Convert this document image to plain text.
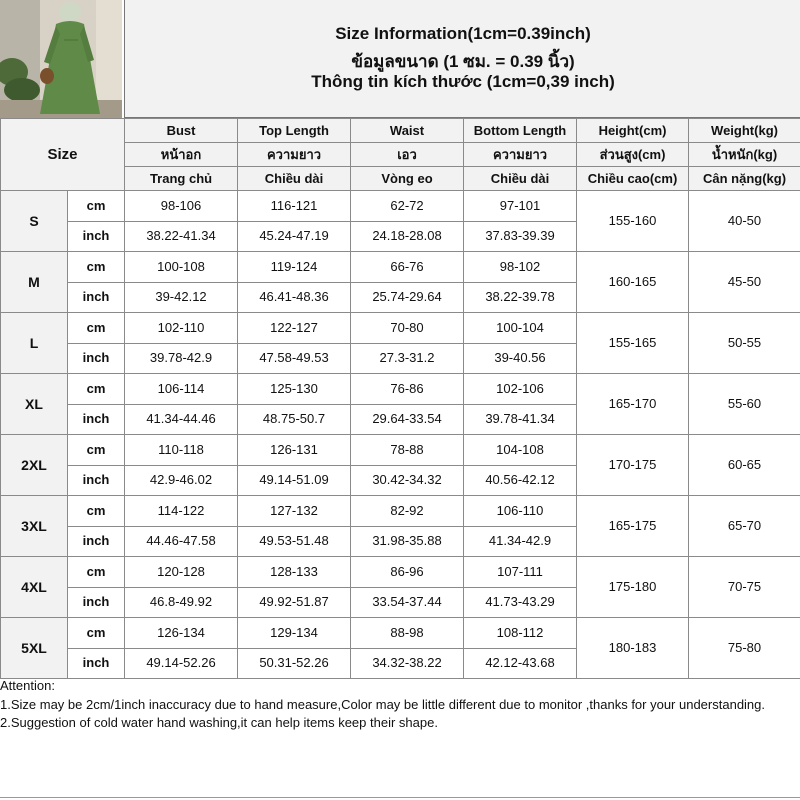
Size Information(1cm=0.39inch)
ข้อมูลขนาด (1 ซม. = 0.39 นิ้ว)
Thông tin kích thước (1cm=0,39 inch)
Size		Bust	Top Length	Waist	Bottom Length	Height(cm)	Weight(kg)
		หน้าอก	ความยาว	เอว	ความยาว	ส่วนสูง(cm)	น้ำหนัก(kg)
		Trang chủ	Chiều dài	Vòng eo	Chiều dài	Chiều cao(cm)	Cân nặng(kg)
S	cm	98-106	116-121	62-72	97-101	155-160	40-50
	inch	38.22-41.34	45.24-47.19	24.18-28.08	37.83-39.39		
M	cm	100-108	119-124	66-76	98-102	160-165	45-50
	inch	39-42.12	46.41-48.36	25.74-29.64	38.22-39.78		
L	cm	102-110	122-127	70-80	100-104	155-165	50-55
	inch	39.78-42.9	47.58-49.53	27.3-31.2	39-40.56		
XL	cm	106-114	125-130	76-86	102-106	165-170	55-60
	inch	41.34-44.46	48.75-50.7	29.64-33.54	39.78-41.34		
2XL	cm	110-118	126-131	78-88	104-108	170-175	60-65
	inch	42.9-46.02	49.14-51.09	30.42-34.32	40.56-42.12		
3XL	cm	114-122	127-132	82-92	106-110	165-175	65-70
	inch	44.46-47.58	49.53-51.48	31.98-35.88	41.34-42.9		
4XL	cm	120-128	128-133	86-96	107-111	175-180	70-75
	inch	46.8-49.92	49.92-51.87	33.54-37.44	41.73-43.29		
5XL	cm	126-134	129-134	88-98	108-112	180-183	75-80
	inch	49.14-52.26	50.31-52.26	34.32-38.22	42.12-43.68		
Attention:
1.Size may be 2cm/1inch inaccuracy due to hand measure,Color may be little different due to monitor ,thanks for your understanding.
2.Suggestion of cold water hand washing,it can help items keep their shape.
